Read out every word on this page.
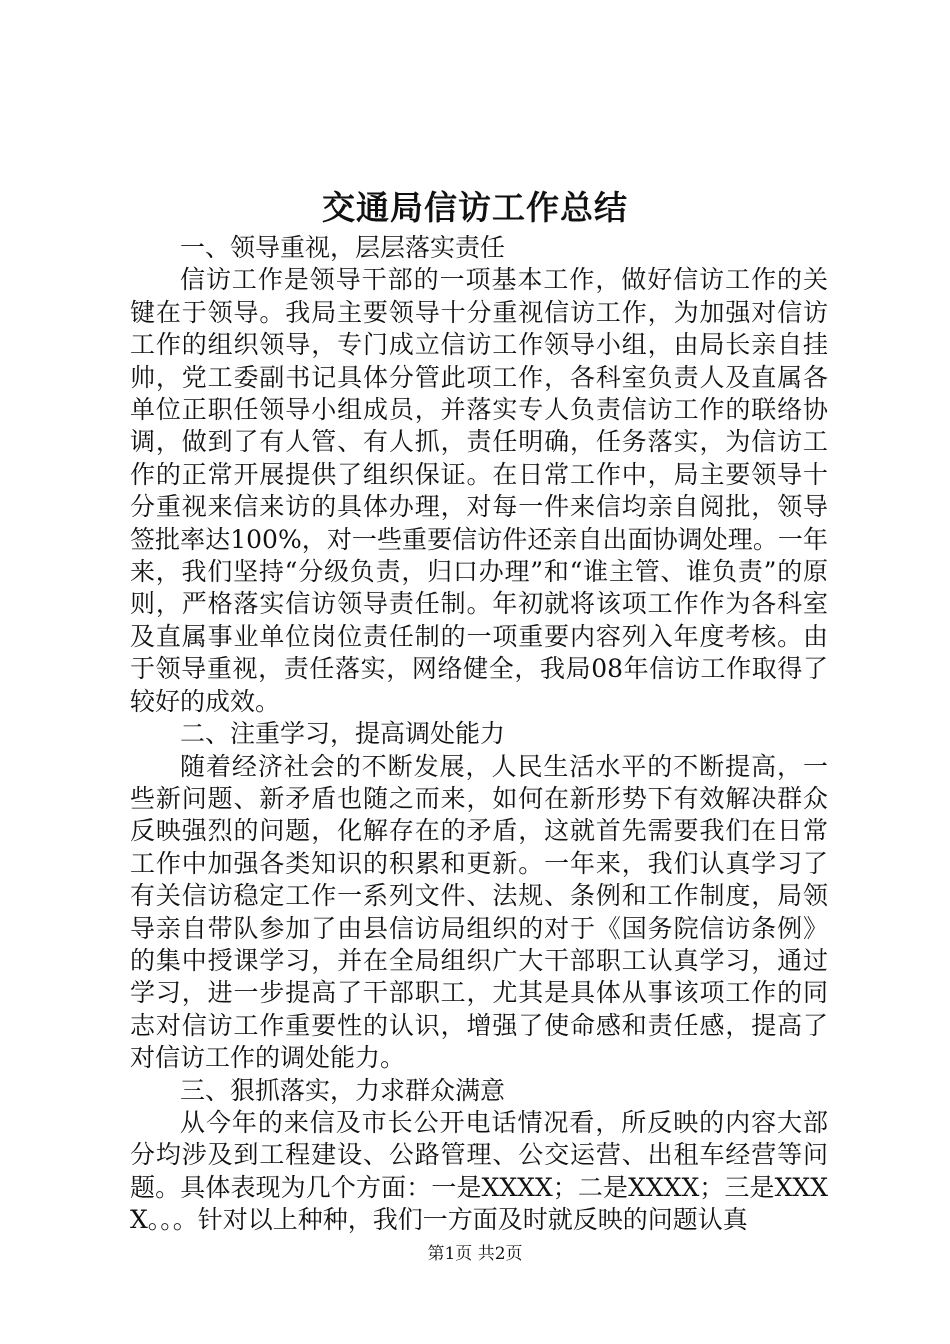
交通局信访工作总结

一、领导重视，层层落实责任

信访工作是领导干部的一项基本工作，做好信访工作的关键在于领导。我局主要领导十分重视信访工作，为加强对信访工作的组织领导，专门成立信访工作领导小组，由局长亲自挂帅，党工委副书记具体分管此项工作，各科室负责人及直属各单位正职任领导小组成员，并落实专人负责信访工作的联络协调，做到了有人管、有人抓，责任明确，任务落实，为信访工作的正常开展提供了组织保证。在日常工作中，局主要领导十分重视来信来访的具体办理，对每一件来信均亲自阅批，领导签批率达100%，对一些重要信访件还亲自出面协调处理。一年来，我们坚持“分级负责，归口办理”和“谁主管、谁负责”的原则，严格落实信访领导责任制。年初就将该项工作作为各科室及直属事业单位岗位责任制的一项重要内容列入年度考核。由于领导重视，责任落实，网络健全，我局08年信访工作取得了较好的成效。

二、注重学习，提高调处能力

随着经济社会的不断发展，人民生活水平的不断提高，一些新问题、新矛盾也随之而来，如何在新形势下有效解决群众反映强烈的问题，化解存在的矛盾，这就首先需要我们在日常工作中加强各类知识的积累和更新。一年来，我们认真学习了有关信访稳定工作一系列文件、法规、条例和工作制度，局领导亲自带队参加了由县信访局组织的对于《国务院信访条例》的集中授课学习，并在全局组织广大干部职工认真学习，通过学习，进一步提高了干部职工，尤其是具体从事该项工作的同志对信访工作重要性的认识，增强了使命感和责任感，提高了对信访工作的调处能力。

三、狠抓落实，力求群众满意

从今年的来信及市长公开电话情况看，所反映的内容大部分均涉及到工程建设、公路管理、公交运营、出租车经营等问题。具体表现为几个方面：一是XXXX；二是XXXX；三是XXXX。。。针对以上种种，我们一方面及时就反映的问题认真

第1页 共2页
